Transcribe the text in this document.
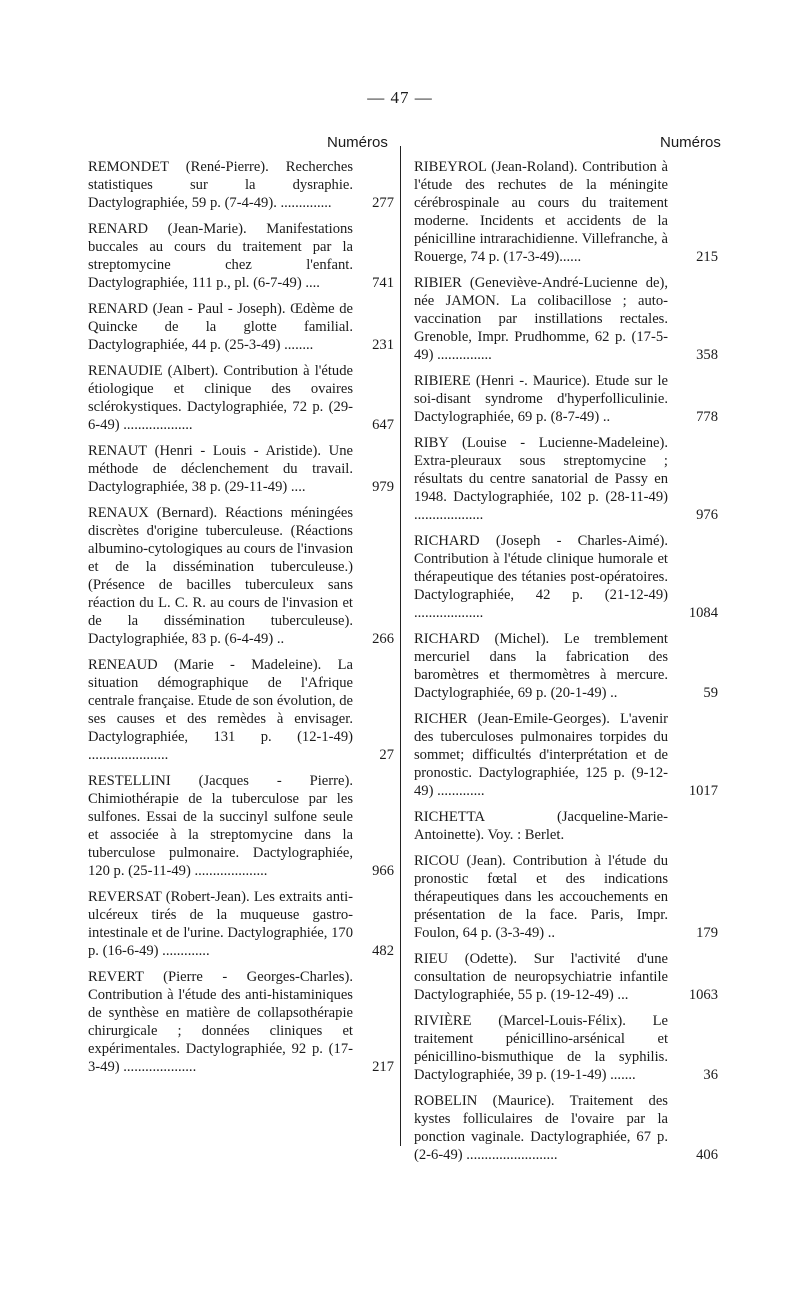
— 47 —
Numéros	Numéros
REMONDET (René-Pierre). Recherches statistiques sur la dysraphie. Dactylographiée, 59 p. (7-4-49). ..............	277
RENARD (Jean-Marie). Manifestations buccales au cours du traitement par la streptomycine chez l'enfant. Dactylographiée, 111 p., pl. (6-7-49) ....	741
RENARD (Jean - Paul - Joseph). Œdème de Quincke de la glotte familial. Dactylographiée, 44 p. (25-3-49) ........	231
RENAUDIE (Albert). Contribution à l'étude étiologique et clinique des ovaires sclérokystiques. Dactylographiée, 72 p. (29-6-49) ...................	647
RENAUT (Henri - Louis - Aristide). Une méthode de déclenchement du travail. Dactylographiée, 38 p. (29-11-49) ....	979
RENAUX (Bernard). Réactions méningées discrètes d'origine tuberculeuse. (Réactions albumino-cytologiques au cours de l'invasion et de la dissémination tuberculeuse.) (Présence de bacilles tuberculeux sans réaction du L. C. R. au cours de l'invasion et de la dissémination tuberculeuse). Dactylographiée, 83 p. (6-4-49) ..	266
RENEAUD (Marie - Madeleine). La situation démographique de l'Afrique centrale française. Etude de son évolution, de ses causes et des remèdes à envisager. Dactylographiée, 131 p. (12-1-49) ......................	27
RESTELLINI (Jacques - Pierre). Chimiothérapie de la tuberculose par les sulfones. Essai de la succinyl sulfone seule et associée à la streptomycine dans la tuberculose pulmonaire. Dactylographiée, 120 p. (25-11-49) ....................	966
REVERSAT (Robert-Jean). Les extraits anti-ulcéreux tirés de la muqueuse gastro-intestinale et de l'urine. Dactylographiée, 170 p. (16-6-49) .............	482
REVERT (Pierre - Georges-Charles). Contribution à l'étude des anti-histaminiques de synthèse en matière de collapsothérapie chirurgicale ; données cliniques et expérimentales. Dactylographiée, 92 p. (17-3-49) ....................	217
RIBEYROL (Jean-Roland). Contribution à l'étude des rechutes de la méningite cérébrospinale au cours du traitement moderne. Incidents et accidents de la pénicilline intrarachidienne. Villefranche, à Rouerge, 74 p. (17-3-49)......	215
RIBIER (Geneviève-André-Lucienne de), née JAMON. La colibacillose ; auto-vaccination par instillations rectales. Grenoble, Impr. Prudhomme, 62 p. (17-5-49) ...............	358
RIBIERE (Henri -. Maurice). Etude sur le soi-disant syndrome d'hyperfolliculinie. Dactylographiée, 69 p. (8-7-49) ..	778
RIBY (Louise - Lucienne-Madeleine). Extra-pleuraux sous streptomycine ; résultats du centre sanatorial de Passy en 1948. Dactylographiée, 102 p. (28-11-49) ...................	976
RICHARD (Joseph - Charles-Aimé). Contribution à l'étude clinique humorale et thérapeutique des tétanies post-opératoires. Dactylographiée, 42 p. (21-12-49) ...................	1084
RICHARD (Michel). Le tremblement mercuriel dans la fabrication des baromètres et thermomètres à mercure. Dactylographiée, 69 p. (20-1-49) ..	59
RICHER (Jean-Emile-Georges). L'avenir des tuberculoses pulmonaires torpides du sommet; difficultés d'interprétation et de pronostic. Dactylographiée, 125 p. (9-12-49) .............	1017
RICHETTA (Jacqueline-Marie-Antoinette). Voy. : Berlet.
RICOU (Jean). Contribution à l'étude du pronostic fœtal et des indications thérapeutiques dans les accouchements en présentation de la face. Paris, Impr. Foulon, 64 p. (3-3-49) ..	179
RIEU (Odette). Sur l'activité d'une consultation de neuropsychiatrie infantile Dactylographiée, 55 p. (19-12-49) ...	1063
RIVIÈRE (Marcel-Louis-Félix). Le traitement pénicillino-arsénical et pénicillino-bismuthique de la syphilis. Dactylographiée, 39 p. (19-1-49) .......	36
ROBELIN (Maurice). Traitement des kystes folliculaires de l'ovaire par la ponction vaginale. Dactylographiée, 67 p. (2-6-49) .........................	406
